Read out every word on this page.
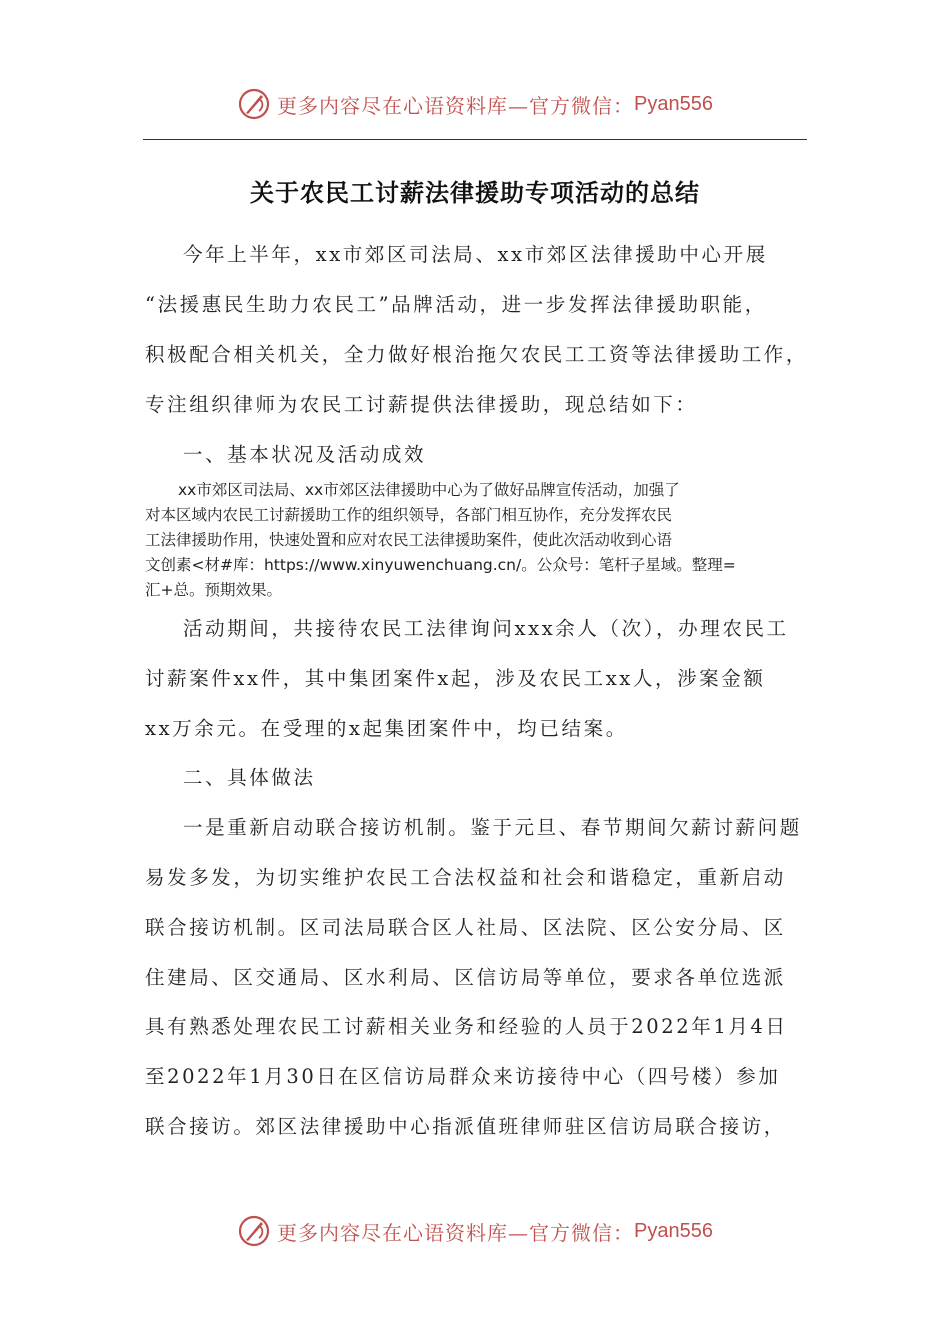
更多内容尽在心语资料库—官方微信： Pyan556
关于农民工讨薪法律援助专项活动的总结
今年上半年，xx市郊区司法局、xx市郊区法律援助中心开展
“法援惠民生助力农民工”品牌活动，进一步发挥法律援助职能，
积极配合相关机关，全力做好根治拖欠农民工工资等法律援助工作，
专注组织律师为农民工讨薪提供法律援助，现总结如下：
一、基本状况及活动成效
xx市郊区司法局、xx市郊区法律援助中心为了做好品牌宣传活动，加强了
对本区域内农民工讨薪援助工作的组织领导，各部门相互协作，充分发挥农民
工法律援助作用，快速处置和应对农民工法律援助案件，使此次活动收到心语
文创素<材#库：https://www.xinyuwenchuang.cn/。公众号：笔杆子星域。整理=
汇+总。预期效果。
活动期间，共接待农民工法律询问xxx余人（次），办理农民工
讨薪案件xx件，其中集团案件x起，涉及农民工xx人，涉案金额
xx万余元。在受理的x起集团案件中，均已结案。
二、具体做法
一是重新启动联合接访机制。鉴于元旦、春节期间欠薪讨薪问题
易发多发，为切实维护农民工合法权益和社会和谐稳定，重新启动
联合接访机制。区司法局联合区人社局、区法院、区公安分局、区
住建局、区交通局、区水利局、区信访局等单位，要求各单位选派
具有熟悉处理农民工讨薪相关业务和经验的人员于2022年1月4日
至2022年1月30日在区信访局群众来访接待中心（四号楼）参加
联合接访。郊区法律援助中心指派值班律师驻区信访局联合接访，
更多内容尽在心语资料库—官方微信： Pyan556
